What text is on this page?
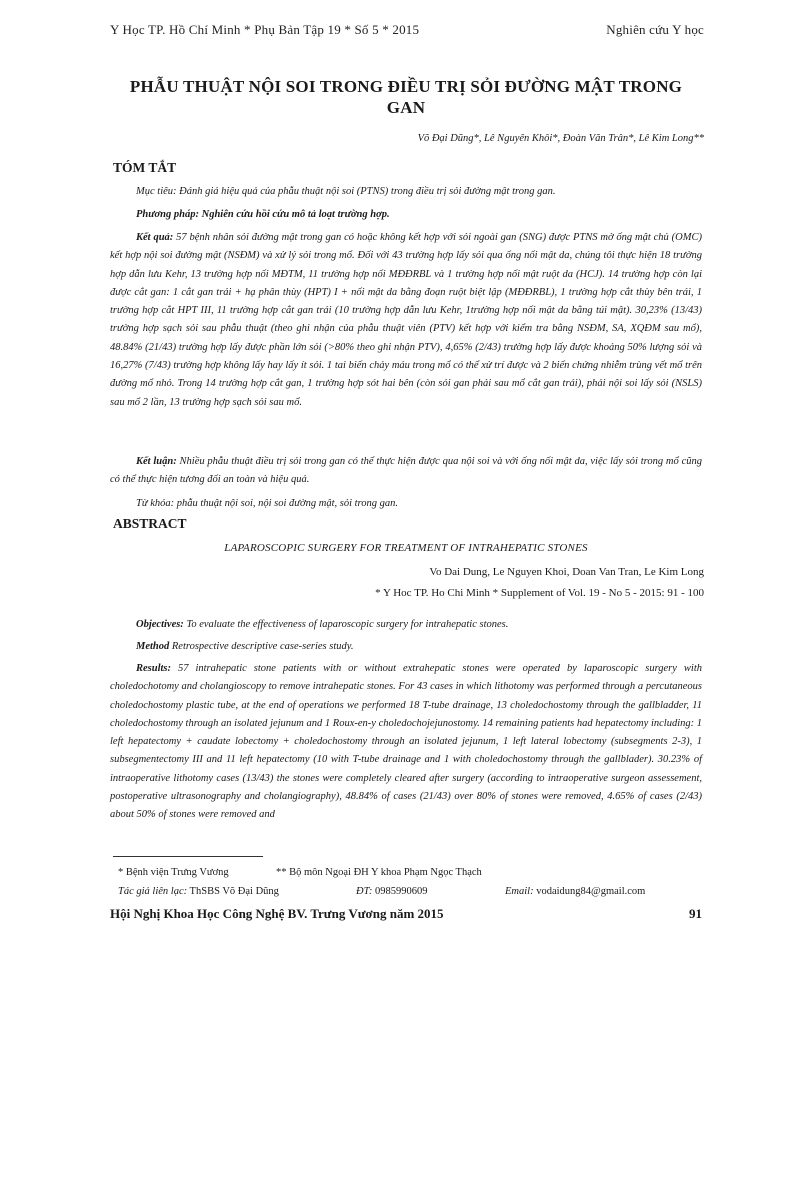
Y Học TP. Hồ Chí Minh * Phụ Bản Tập 19 * Số 5 * 2015	Nghiên cứu Y học
PHẪU THUẬT NỘI SOI TRONG ĐIỀU TRỊ SỎI ĐƯỜNG MẬT TRONG GAN
Võ Đại Dũng*, Lê Nguyên Khôi*, Đoàn Văn Trân*, Lê Kim Long**
TÓM TẮT
Mục tiêu: Đánh giá hiệu quả của phẫu thuật nội soi (PTNS) trong điều trị sỏi đường mật trong gan.
Phương pháp: Nghiên cứu hồi cứu mô tả loạt trường hợp.
Kết quả: 57 bệnh nhân sỏi đường mật trong gan có hoặc không kết hợp với sỏi ngoài gan (SNG) được PTNS mở ống mật chủ (OMC) kết hợp nội soi đường mật (NSĐM) và xử lý sỏi trong mổ. Đối với 43 trường hợp lấy sỏi qua ống nối mật da, chúng tôi thực hiện 18 trường hợp dẫn lưu Kehr, 13 trường hợp nối MĐTM, 11 trường hợp nối MĐĐRBL và 1 trường hợp nối mật ruột da (HCJ). 14 trường hợp còn lại được cắt gan: 1 cắt gan trái + hạ phân thùy (HPT) I + nối mật da bằng đoạn ruột biệt lập (MĐĐRBL), 1 trường hợp cắt thùy bên trái, 1 trường hợp cắt HPT III, 11 trường hợp cắt gan trái (10 trường hợp dẫn lưu Kehr, 1trường hợp nối mật da bằng túi mật). 30,23% (13/43) trường hợp sạch sỏi sau phẫu thuật (theo ghi nhận của phẫu thuật viên (PTV) kết hợp với kiểm tra bằng NSĐM, SA, XQĐM sau mổ), 48.84% (21/43) trường hợp lấy được phần lớn sỏi (>80% theo ghi nhận PTV), 4,65% (2/43) trường hợp lấy được khoảng 50% lượng sỏi và 16,27% (7/43) trường hợp không lấy hay lấy ít sỏi. 1 tai biến chảy máu trong mổ có thể xử trí được và 2 biến chứng nhiễm trùng vết mổ trên đường mổ nhỏ. Trong 14 trường hợp cắt gan, 1 trường hợp sót hai bên (còn sỏi gan phải sau mổ cắt gan trái), phải nội soi lấy sỏi (NSLS) sau mổ 2 lần, 13 trường hợp sạch sỏi sau mổ.
Kết luận: Nhiều phẫu thuật điều trị sỏi trong gan có thể thực hiện được qua nội soi và với ống nối mật da, việc lấy sỏi trong mổ cũng có thể thực hiện tương đối an toàn và hiệu quả.
Từ khóa: phẫu thuật nội soi, nội soi đường mật, sỏi trong gan.
ABSTRACT
LAPAROSCOPIC SURGERY FOR TREATMENT OF INTRAHEPATIC STONES
Vo Dai Dung, Le Nguyen Khoi, Doan Van Tran, Le Kim Long
* Y Hoc TP. Ho Chi Minh * Supplement of Vol. 19 - No 5 - 2015: 91 - 100
Objectives: To evaluate the effectiveness of laparoscopic surgery for intrahepatic stones.
Method Retrospective descriptive case-series study.
Results: 57 intrahepatic stone patients with or without extrahepatic stones were operated by laparoscopic surgery with choledochotomy and cholangioscopy to remove intrahepatic stones. For 43 cases in which lithotomy was performed through a percutaneous choledochostomy plastic tube, at the end of operations we performed 18 T-tube drainage, 13 choledochostomy through the gallbladder, 11 choledochostomy through an isolated jejunum and 1 Roux-en-y choledochojejunostomy. 14 remaining patients had hepatectomy including: 1 left hepatectomy + caudate lobectomy + choledochostomy through an isolated jejunum, 1 left lateral lobectomy (subsegments 2-3), 1 subsegmentectomy III and 11 left hepatectomy (10 with T-tube drainage and 1 with choledochostomy through the gallblader). 30.23% of intraoperative lithotomy cases (13/43) the stones were completely cleared after surgery (according to intraoperative surgeon assessement, postoperative ultrasonography and cholangiography), 48.84% of cases (21/43) over 80% of stones were removed, 4.65% of cases (2/43) about 50% of stones were removed and
* Bệnh viện Trưng Vương	** Bộ môn Ngoại ĐH Y khoa Phạm Ngọc Thạch
Tác giả liên lạc: ThSBS Võ Đại Dũng	ĐT: 0985990609	Email: vodaidung84@gmail.com
Hội Nghị Khoa Học Công Nghệ BV. Trưng Vương năm 2015	91
